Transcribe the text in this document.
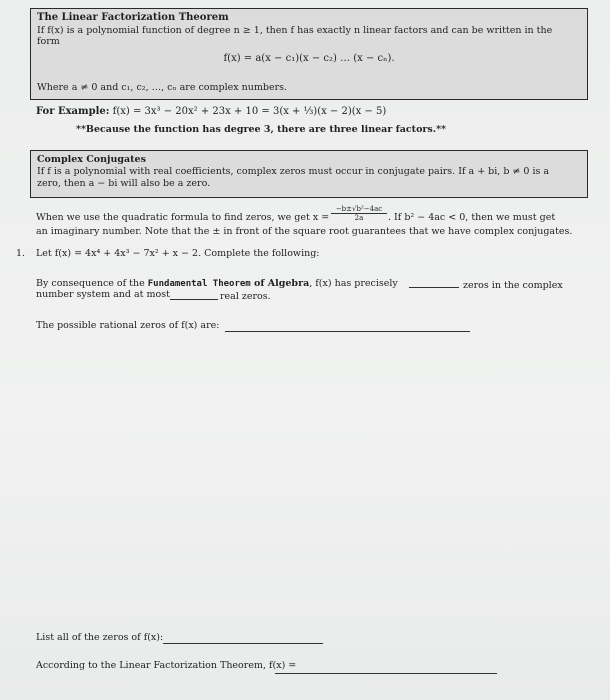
The Linear Factorization Theorem
If f(x) is a polynomial function of degree n ≥ 1, then f has exactly n linear factors and can be written in the
form
f(x) = a(x − c₁)(x − c₂) … (x − cₙ).
Where a ≠ 0 and c₁, c₂, …, cₙ are complex numbers.
For Example: f(x) = 3x³ − 20x² + 23x + 10 = 3(x + ⅓)(x − 2)(x − 5)
**Because the function has degree 3, there are three linear factors.**
Complex Conjugates
If f is a polynomial with real coefficients, complex zeros must occur in conjugate pairs. If a + bi, b ≠ 0 is a
zero, then a − bi will also be a zero.
When we use the quadratic formula to find zeros, we get $x = \frac{\text{−b±√b²−4ac}}{2a}$ . If b² − 4ac < 0, then we must get
an imaginary number. Note that the ± in front of the square root guarantees that we have complex conjugates.
1. Let f(x) = 4x⁴ + 4x³ − 7x² + x − 2. Complete the following:
By consequence of the Fundamental Theorem of Algebra, f(x) has precisely	zeros in the complex
number system and at most	real zeros.
The possible rational zeros of f(x) are:
List all of the zeros of f(x):
According to the Linear Factorization Theorem, f(x) =
